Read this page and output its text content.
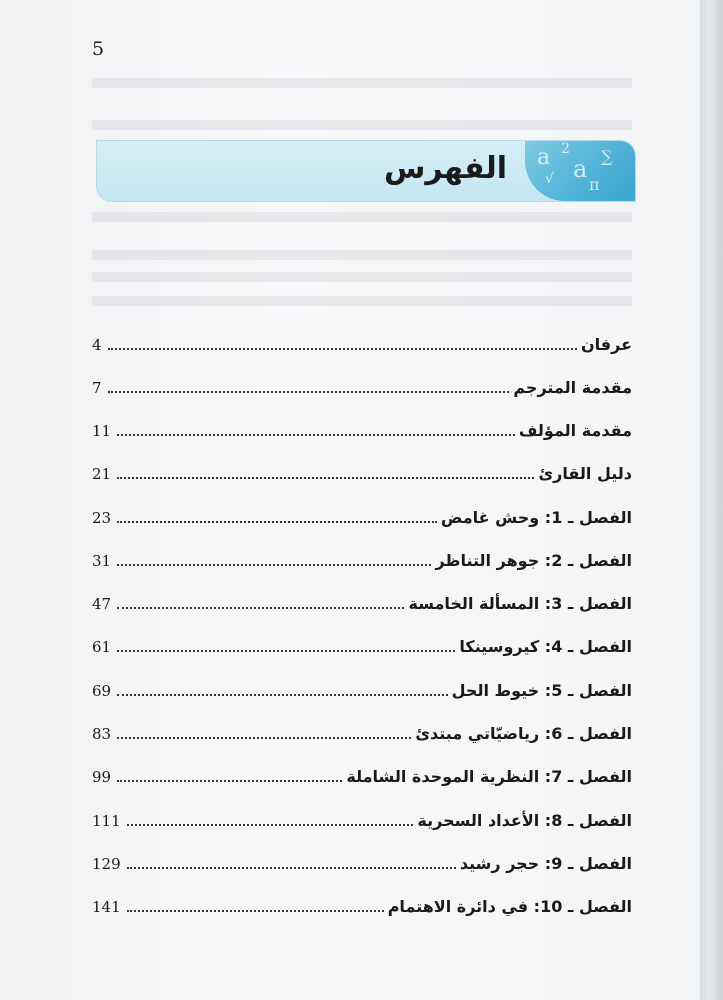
5
a 2
a ∑
√ π
الفهرس
عرفان
4
مقدمة المترجم
7
مقدمة المؤلف
11
دليل القارئ
21
الفصل ـ 1: وحش غامض
23
الفصل ـ 2: جوهر التناظر
31
الفصل ـ 3: المسألة الخامسة
47
الفصل ـ 4: كيروسينكا
61
الفصل ـ 5: خيوط الحل
69
الفصل ـ 6: رياضيّاتي مبتدئ
83
الفصل ـ 7: النظرية الموحدة الشاملة
99
الفصل ـ 8: الأعداد السحرية
111
الفصل ـ 9: حجر رشيد
129
الفصل ـ 10: في دائرة الاهتمام
141
